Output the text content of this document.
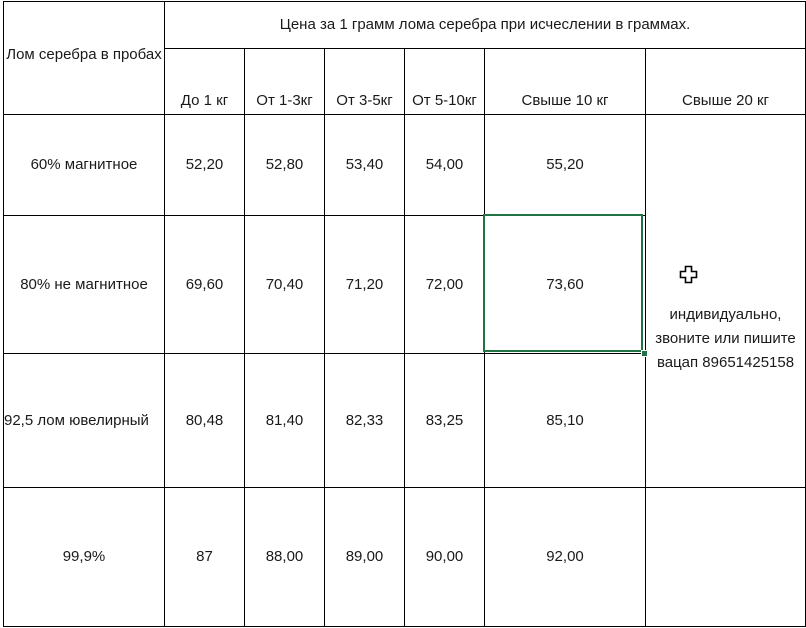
Лом серебра в пробах	Цена за 1 грамм лома серебра при исчеслении в граммах.					
	До 1 кг	От 1-3кг	От 3-5кг	От 5-10кг	Свыше 10 кг	Свыше 20 кг
60% магнитное	52,20	52,80	53,40	54,00	55,20	индивидуально, звоните или пишите вацап 89651425158

80% не магнитное	69,60	70,40	71,20	72,00	73,60	
92,5 лом ювелирный	80,48	81,40	82,33	83,25	85,10	
99,9%	87	88,00	89,00	90,00	92,00	
